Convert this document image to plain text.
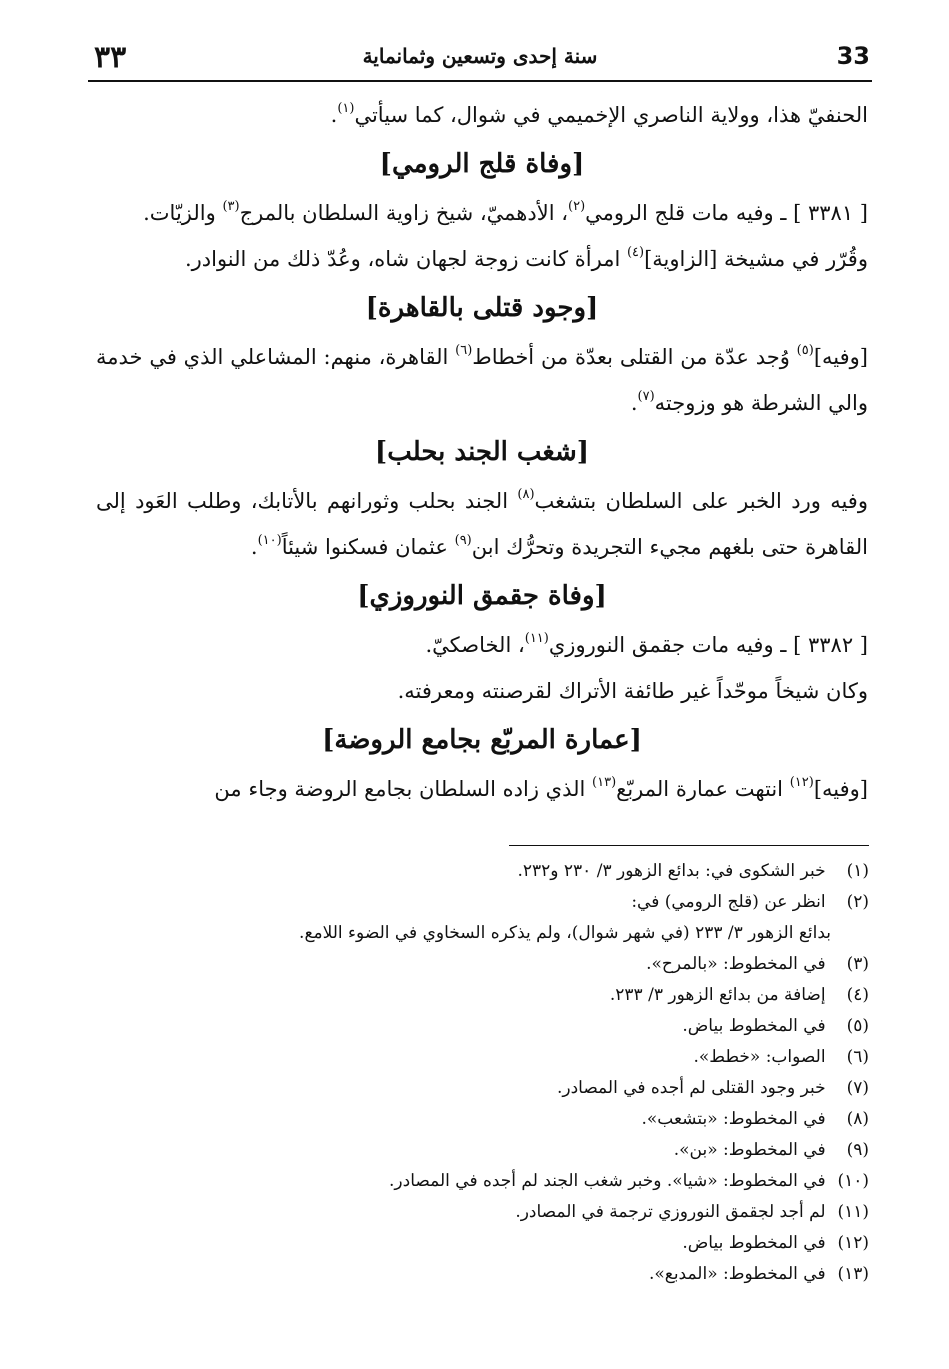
٣٣	سنة إحدى وتسعين وثمانماية	33

الحنفيّ هذا، وولاية الناصري الإخميمي في شوال، كما سيأتي$^{(١)}$.

[وفاة قلج الرومي]

[ ٣٣٨١ ] ـ وفيه مات قلج الرومي$^{(٢)}$، الأدهميّ، شيخ زاوية السلطان بالمرج$^{(٣)}$ والزيّات.

وقُرّر في مشيخة [الزاوية]$^{(٤)}$ امرأة كانت زوجة لجهان شاه، وعُدّ ذلك من النوادر.

[وجود قتلى بالقاهرة]

[وفيه]$^{(٥)}$ وُجد عدّة من القتلى بعدّة من أخطاط$^{(٦)}$ القاهرة، منهم: المشاعلي الذي في خدمة والي الشرطة هو وزوجته$^{(٧)}$.

[شغب الجند بحلب]

وفيه ورد الخبر على السلطان بتشغب$^{(٨)}$ الجند بحلب وثورانهم بالأتابك، وطلب العَود إلى القاهرة حتى بلغهم مجيء التجريدة وتحرُّك ابن$^{(٩)}$ عثمان فسكنوا شيئاً$^{(١٠)}$.

[وفاة جقمق النوروزي]

[ ٣٣٨٢ ] ـ وفيه مات جقمق النوروزي$^{(١١)}$، الخاصكيّ.

وكان شيخاً موحّداً غير طائفة الأتراك لقرصنته ومعرفته.

[عمارة المربّع بجامع الروضة]

[وفيه]$^{(١٢)}$ انتهت عمارة المربّع$^{(١٣)}$ الذي زاده السلطان بجامع الروضة وجاء من

(١) خبر الشكوى في: بدائع الزهور ٣/ ٢٣٠ و٢٣٢.

(٢) انظر عن (قلج الرومي) في:

بدائع الزهور ٣/ ٢٣٣ (في شهر شوال)، ولم يذكره السخاوي في الضوء اللامع.

(٣) في المخطوط: «بالمرح».

(٤) إضافة من بدائع الزهور ٣/ ٢٣٣.

(٥) في المخطوط بياض.

(٦) الصواب: «خطط».

(٧) خبر وجود القتلى لم أجده في المصادر.

(٨) في المخطوط: «بتشعب».

(٩) في المخطوط: «بن».

(١٠) في المخطوط: «شيا». وخبر شغب الجند لم أجده في المصادر.

(١١) لم أجد لجقمق النوروزي ترجمة في المصادر.

(١٢) في المخطوط بياض.

(١٣) في المخطوط: «المدبع».
